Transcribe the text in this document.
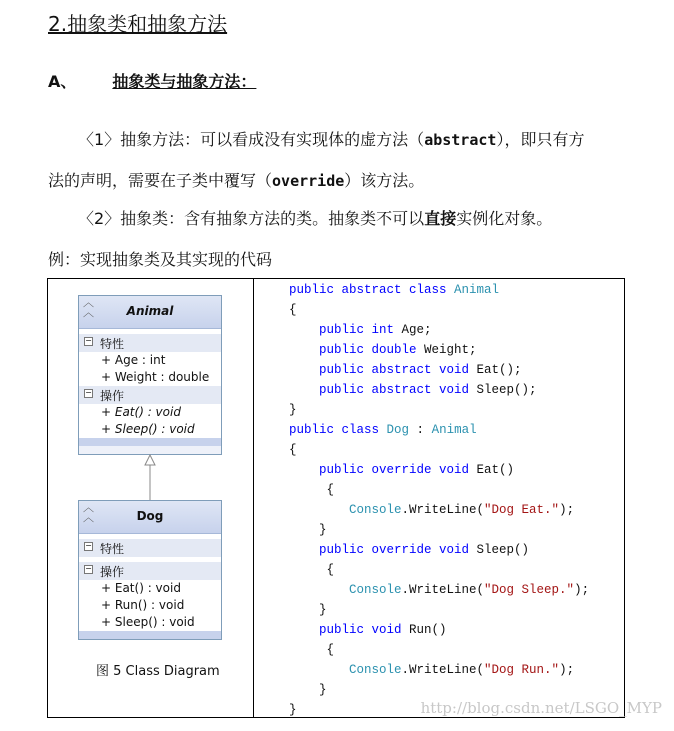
2.抽象类和抽象方法
A、 抽象类与抽象方法：
〈1〉抽象方法：可以看成没有实现体的虚方法（abstract），即只有方
法的声明，需要在子类中覆写（override）该方法。
〈2〉抽象类：含有抽象方法的类。抽象类不可以直接实例化对象。
例：实现抽象类及其实现的代码
︿
︿	Animal
− 特性
+ Age : int
+ Weight : double
− 操作
+ Eat() : void
+ Sleep() : void
︿
︿	Dog
− 特性
− 操作
+ Eat() : void
+ Run() : void
+ Sleep() : void
图 5 Class Diagram
public abstract class Animal
{
public int Age;
public double Weight;
public abstract void Eat();
public abstract void Sleep();
}
public class Dog : Animal
{
public override void Eat()
{
Console.WriteLine("Dog Eat.");
}
public override void Sleep()
{
Console.WriteLine("Dog Sleep.");
}
public void Run()
{
Console.WriteLine("Dog Run.");
}
}	http://blog.csdn.net/LSGO_MYP
